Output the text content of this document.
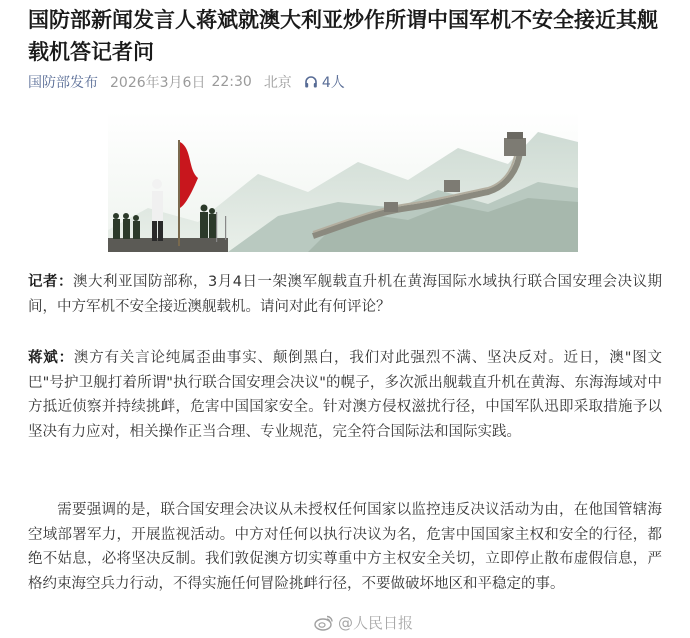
国防部新闻发言人蒋斌就澳大利亚炒作所谓中国军机不安全接近其舰载机答记者问
国防部发布 2026年3月6日 22:30 北京 4人
记者：澳大利亚国防部称，3月4日一架澳军舰载直升机在黄海国际水域执行联合国安理会决议期间，中方军机不安全接近澳舰载机。请问对此有何评论？
蒋斌：澳方有关言论纯属歪曲事实、颠倒黑白，我们对此强烈不满、坚决反对。近日，澳"图文巴"号护卫舰打着所谓"执行联合国安理会决议"的幌子，多次派出舰载直升机在黄海、东海海域对中方抵近侦察并持续挑衅，危害中国国家安全。针对澳方侵权滋扰行径，中国军队迅即采取措施予以坚决有力应对，相关操作正当合理、专业规范，完全符合国际法和国际实践。
需要强调的是，联合国安理会决议从未授权任何国家以监控违反决议活动为由，在他国管辖海空域部署军力，开展监视活动。中方对任何以执行决议为名，危害中国国家主权和安全的行径，都绝不姑息，必将坚决反制。我们敦促澳方切实尊重中方主权安全关切，立即停止散布虚假信息，严格约束海空兵力行动，不得实施任何冒险挑衅行径，不要做破坏地区和平稳定的事。
@人民日报
